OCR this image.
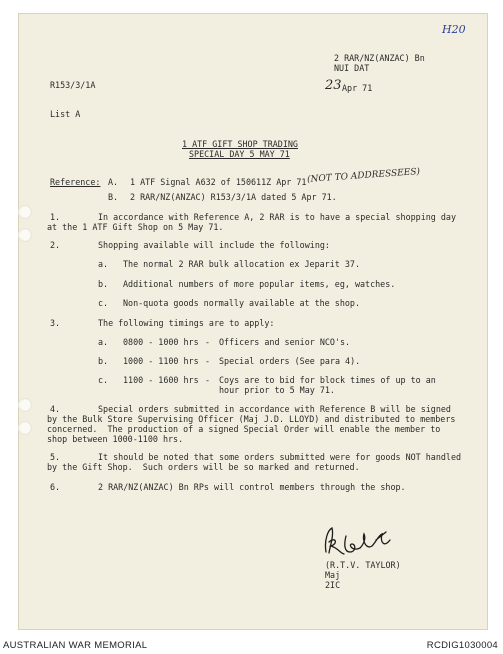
H20
2 RAR/NZ(ANZAC) Bn
NUI DAT
23 Apr 71
R153/3/1A
List A
1 ATF GIFT SHOP TRADING
SPECIAL DAY 5 MAY 71
Reference: A. 1 ATF Signal A632 of 150611Z Apr 71 (NOT TO ADDRESSEES)
B. 2 RAR/NZ(ANZAC) R153/3/1A dated 5 Apr 71.
1.	In accordance with Reference A, 2 RAR is to have a special shopping day
at the 1 ATF Gift Shop on 5 May 71.
2.	Shopping available will include the following:
a. The normal 2 RAR bulk allocation ex Jeparit 37.
b. Additional numbers of more popular items, eg, watches.
c. Non-quota goods normally available at the shop.
3.	The following timings are to apply:
a. 0800 - 1000 hrs - Officers and senior NCO's.
b. 1000 - 1100 hrs - Special orders (See para 4).
c. 1100 - 1600 hrs - Coys are to bid for block times of up to an
hour prior to 5 May 71.
4.	Special orders submitted in accordance with Reference B will be signed
by the Bulk Store Supervising Officer (Maj J.D. LLOYD) and distributed to members
concerned.  The production of a signed Special Order will enable the member to
shop between 1000-1100 hrs.
5.	It should be noted that some orders submitted were for goods NOT handled
by the Gift Shop.  Such orders will be so marked and returned.
6.	2 RAR/NZ(ANZAC) Bn RPs will control members through the shop.
(R.T.V. TAYLOR)
Maj
2IC
AUSTRALIAN WAR MEMORIAL	RCDIG1030004
